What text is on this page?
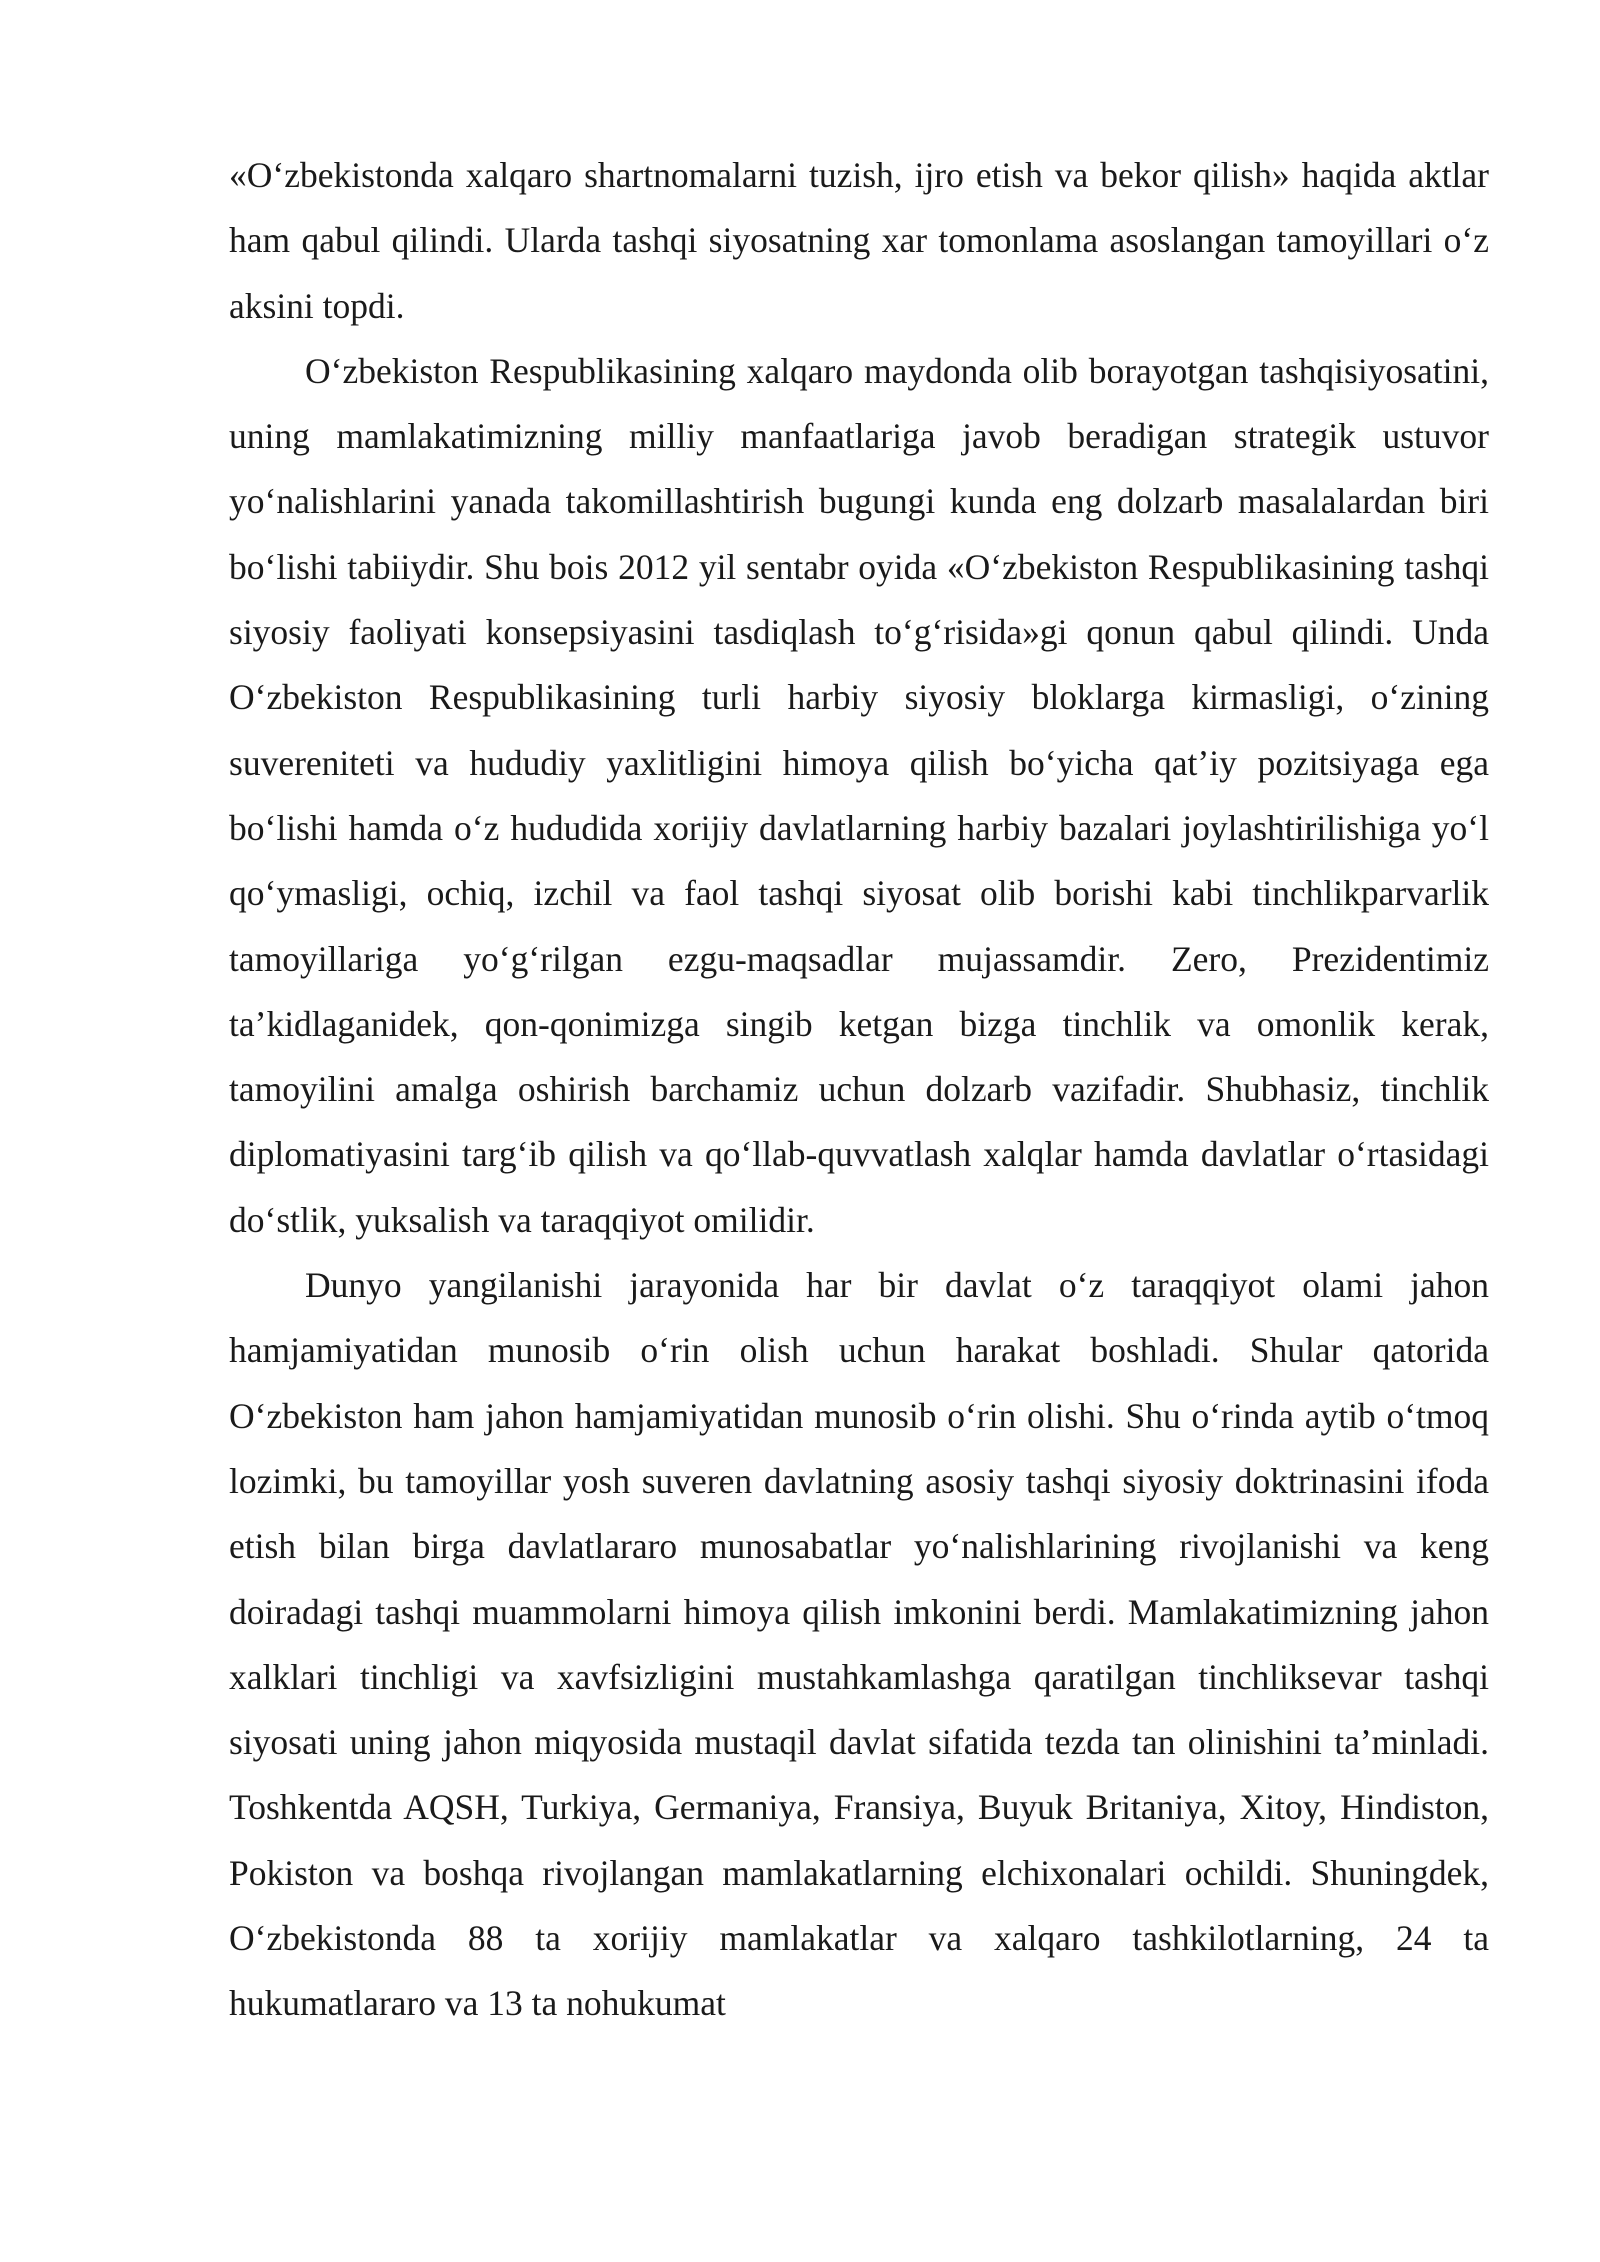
«Oʻzbekistonda xalqaro shartnomalarni tuzish, ijro etish va bekor qilish» haqida aktlar ham qabul qilindi. Ularda tashqi siyosatning xar tomonlama asoslangan tamoyillari oʻz aksini topdi.

Oʻzbekiston Respublikasining xalqaro maydonda olib borayotgan tashqisiyosatini, uning mamlakatimizning milliy manfaatlariga javob beradigan strategik ustuvor yoʻnalishlarini yanada takomillashtirish bugungi kunda eng dolzarb masalalardan biri boʻlishi tabiiydir. Shu bois 2012 yil sentabr oyida «Oʻzbekiston Respublikasining tashqi siyosiy faoliyati konsepsiyasini tasdiqlash toʻgʻrisida»gi qonun qabul qilindi. Unda Oʻzbekiston Respublikasining turli harbiy siyosiy bloklarga kirmasligi, oʻzining suvereniteti va hududiy yaxlitligini himoya qilish boʻyicha qatʼiy pozitsiyaga ega boʻlishi hamda oʻz hududida xorijiy davlatlarning harbiy bazalari joylashtirilishiga yoʻl qoʻymasligi, ochiq, izchil va faol tashqi siyosat olib borishi kabi tinchlikparvarlik tamoyillariga yoʻgʻrilgan ezgu-maqsadlar mujassamdir. Zero, Prezidentimiz taʼkidlaganidek, qon-qonimizga singib ketgan bizga tinchlik va omonlik kerak, tamoyilini amalga oshirish barchamiz uchun dolzarb vazifadir. Shubhasiz, tinchlik diplomatiyasini targʻib qilish va qoʻllab-quvvatlash xalqlar hamda davlatlar oʻrtasidagi doʻstlik, yuksalish va taraqqiyot omilidir.

Dunyo yangilanishi jarayonida har bir davlat oʻz taraqqiyot olami jahon hamjamiyatidan munosib oʻrin olish uchun harakat boshladi. Shular qatorida Oʻzbekiston ham jahon hamjamiyatidan munosib oʻrin olishi. Shu oʻrinda aytib oʻtmoq lozimki, bu tamoyillar yosh suveren davlatning asosiy tashqi siyosiy doktrinasini ifoda etish bilan birga davlatlararo munosabatlar yoʻnalishlarining rivojlanishi va keng doiradagi tashqi muammolarni himoya qilish imkonini berdi. Mamlakatimizning jahon xalklari tinchligi va xavfsizligini mustahkamlashga qaratilgan tinchliksevar tashqi siyosati uning jahon miqyosida mustaqil davlat sifatida tezda tan olinishini taʼminladi. Toshkentda AQSH, Turkiya, Germaniya, Fransiya, Buyuk Britaniya, Xitoy, Hindiston, Pokiston va boshqa rivojlangan mamlakatlarning elchixonalari ochildi. Shuningdek, Oʻzbekistonda 88 ta xorijiy mamlakatlar va xalqaro tashkilotlarning, 24 ta hukumatlararo va 13 ta nohukumat
